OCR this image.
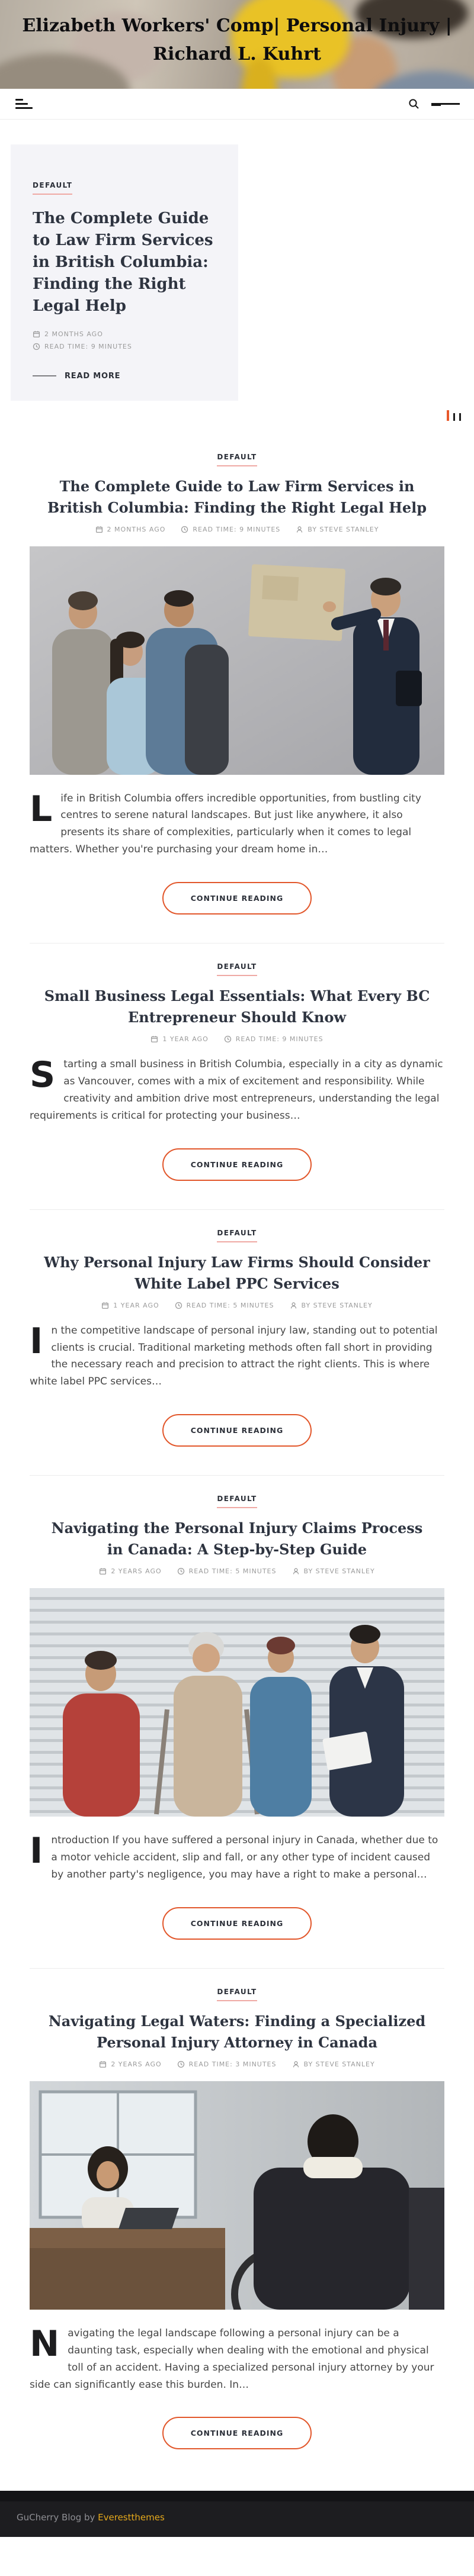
Elizabeth Workers' Comp| Personal Injury |
Richard L. Kuhrt
DEFAULT
The Complete Guide to Law Firm Services in British Columbia: Finding the Right Legal Help
2 MONTHS AGO
READ TIME: 9 MINUTES
READ MORE
DEFAULT
The Complete Guide to Law Firm Services in British Columbia: Finding the Right Legal Help
2 MONTHS AGO	READ TIME: 9 MINUTES	BY STEVE STANLEY

L ife in British Columbia offers incredible opportunities, from bustling city centres to serene natural landscapes. But just like anywhere, it also presents its share of complexities, particularly when it comes to legal matters. Whether you're purchasing your dream home in…

CONTINUE READING
DEFAULT
Small Business Legal Essentials: What Every BC Entrepreneur Should Know
1 YEAR AGO	READ TIME: 9 MINUTES

S tarting a small business in British Columbia, especially in a city as dynamic as Vancouver, comes with a mix of excitement and responsibility. While creativity and ambition drive most entrepreneurs, understanding the legal requirements is critical for protecting your business…

CONTINUE READING
DEFAULT
Why Personal Injury Law Firms Should Consider White Label PPC Services
1 YEAR AGO	READ TIME: 5 MINUTES	BY STEVE STANLEY

I n the competitive landscape of personal injury law, standing out to potential clients is crucial. Traditional marketing methods often fall short in providing the necessary reach and precision to attract the right clients. This is where white label PPC services…

CONTINUE READING
DEFAULT
Navigating the Personal Injury Claims Process in Canada: A Step-by-Step Guide
2 YEARS AGO	READ TIME: 5 MINUTES	BY STEVE STANLEY

I ntroduction If you have suffered a personal injury in Canada, whether due to a motor vehicle accident, slip and fall, or any other type of incident caused by another party's negligence, you may have a right to make a personal…

CONTINUE READING
DEFAULT
Navigating Legal Waters: Finding a Specialized Personal Injury Attorney in Canada
2 YEARS AGO	READ TIME: 3 MINUTES	BY STEVE STANLEY

N avigating the legal landscape following a personal injury can be a daunting task, especially when dealing with the emotional and physical toll of an accident. Having a specialized personal injury attorney by your side can significantly ease this burden. In…

CONTINUE READING
GuCherry Blog by Everestthemes
